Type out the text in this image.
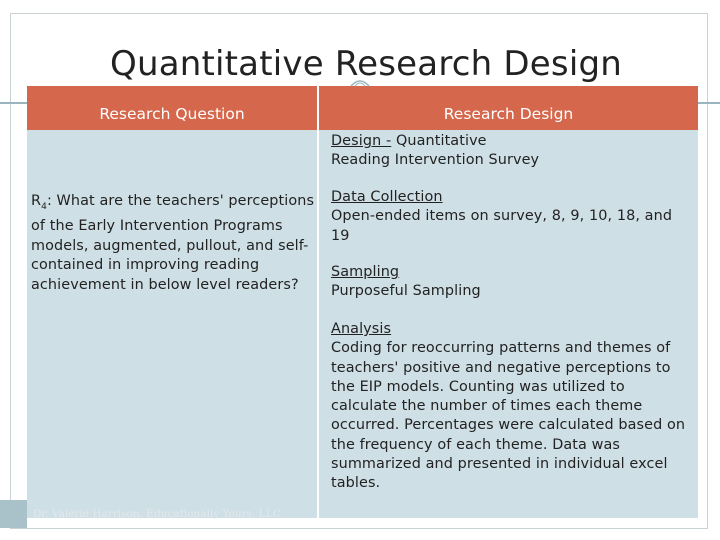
Quantitative Research Design
Research Question	Research Design
$R_4$: What are the teachers' perceptions of the Early Intervention Programs models, augmented, pullout, and self-contained in improving reading achievement in below level readers?
Design - Quantitative
Reading Intervention Survey
Data Collection
Open-ended items on survey, 8, 9, 10, 18, and 19
Sampling
Purposeful Sampling
Analysis
Coding for reoccurring patterns and themes of teachers' positive and negative perceptions to the EIP models. Counting was utilized to calculate the number of times each theme occurred. Percentages were calculated based on the frequency of each theme. Data was summarized and presented in individual excel tables.
Dr. Valerie Harrison, Educationally Yours, LLC
